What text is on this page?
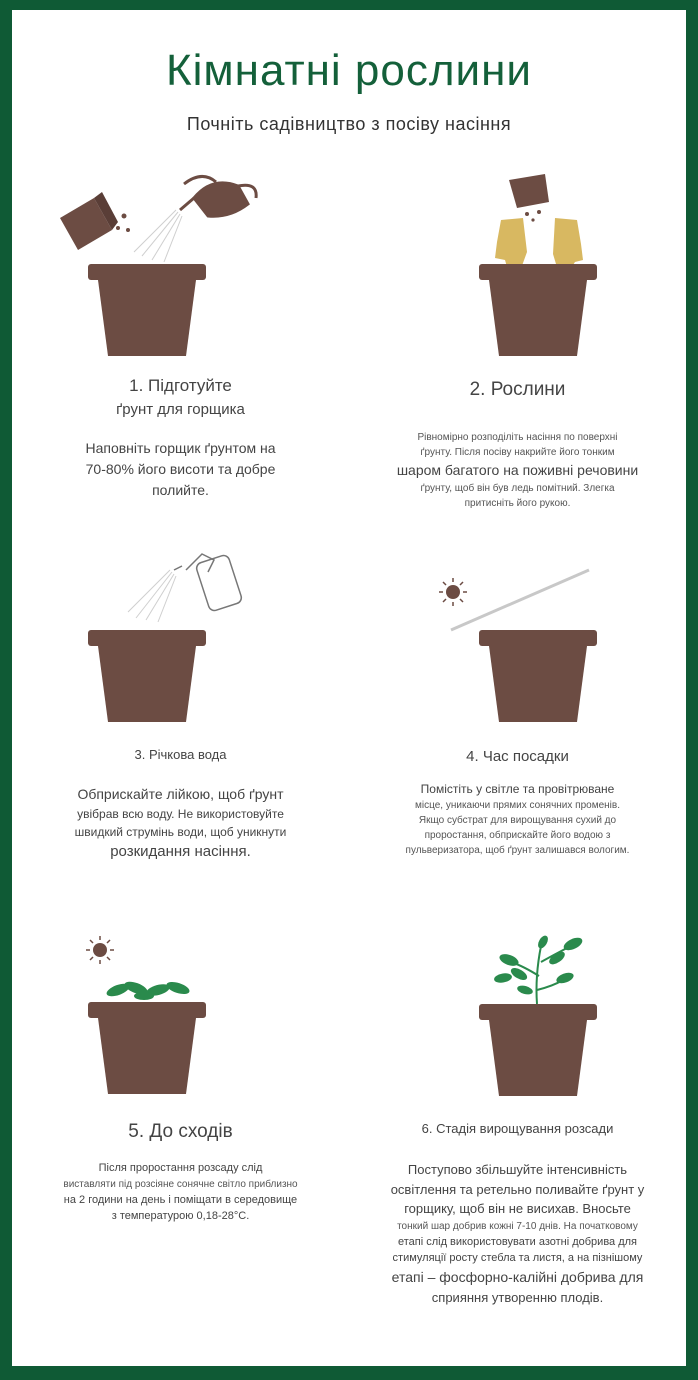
Кімнатні рослини
Почніть садівництво з посіву насіння
1. Підготуйте
ґрунт для горщика
Наповніть горщик ґрунтом на
70-80% його висоти та добре
полийте.
2. Рослини
Рівномірно розподіліть насіння по поверхні
ґрунту. Після посіву накрийте його тонким
шаром багатого на поживні речовини
ґрунту, щоб він був ледь помітний. Злегка
притисніть його рукою.
3. Річкова вода
Обприскайте лійкою, щоб ґрунт
увібрав всю воду. Не використовуйте
швидкий струмінь води, щоб уникнути
розкидання насіння.
4. Час посадки
Помістіть у світле та провітрюване
місце, уникаючи прямих сонячних променів.
Якщо субстрат для вирощування сухий до
проростання, обприскайте його водою з
пульверизатора, щоб ґрунт залишався вологим.
5. До сходів
Після проростання розсаду слід
виставляти під розсіяне сонячне світло приблизно
на 2 години на день і поміщати в середовище
з температурою 0,18-28°C.
6. Стадія вирощування розсади
Поступово збільшуйте інтенсивність
освітлення та ретельно поливайте ґрунт у
горщику, щоб він не висихав. Вносьте
тонкий шар добрив кожні 7-10 днів. На початковому
етапі слід використовувати азотні добрива для
стимуляції росту стебла та листя, а на пізнішому
етапі – фосфорно-калійні добрива для
сприяння утворенню плодів.
